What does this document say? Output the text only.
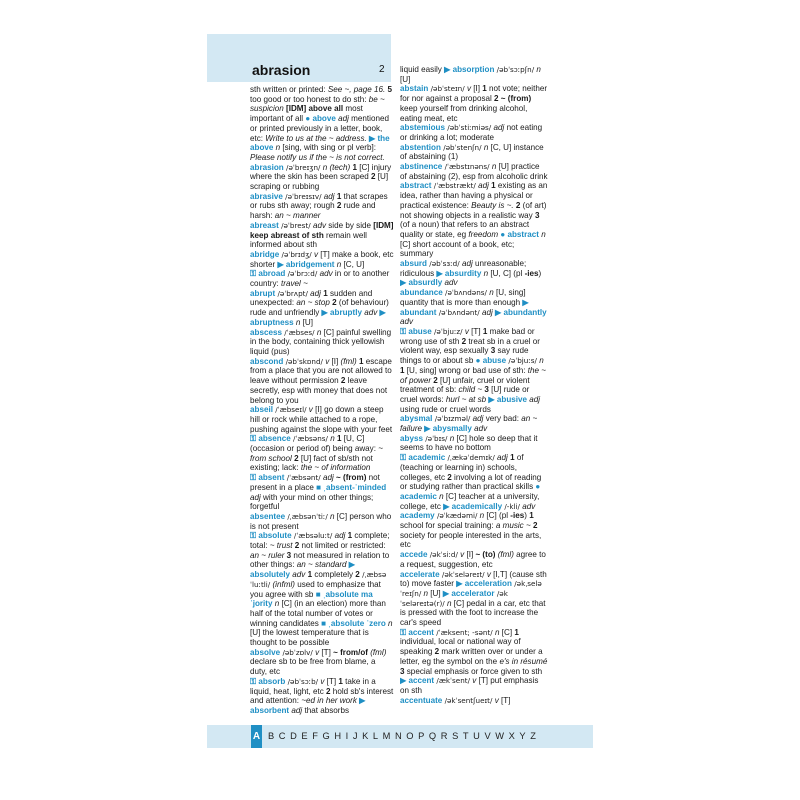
abrasion	2
sth written or printed: See ~, page 16. 5 too good or too honest to do sth: be ~ suspicion [IDM] above all most important of all ● above adj mentioned or printed previously in a letter, book, etc: Write to us at the ~ address. ▶ the above n [sing, with sing or pl verb]: Please notify us if the ~ is not correct.
abrasion /əˈbreɪʒn/ n (tech) 1 [C] injury where the skin has been scraped 2 [U] scraping or rubbing
abrasive /əˈbreɪsɪv/ adj 1 that scrapes or rubs sth away; rough 2 rude and harsh: an ~ manner
abreast /əˈbrest/ adv side by side [IDM] keep abreast of sth remain well informed about sth
abridge /əˈbrɪdʒ/ v [T] make a book, etc shorter ▶ abridgement n [C, U]
⚿ abroad /əˈbrɔːd/ adv in or to another country: travel ~
abrupt /əˈbrʌpt/ adj 1 sudden and unexpected: an ~ stop 2 (of behaviour) rude and unfriendly ▶ abruptly adv ▶ abruptness n [U]
abscess /ˈæbses/ n [C] painful swelling in the body, containing thick yellowish liquid (pus)
abscond /əbˈskɒnd/ v [I] (fml) 1 escape from a place that you are not allowed to leave without permission 2 leave secretly, esp with money that does not belong to you
abseil /ˈæbseɪl/ v [I] go down a steep hill or rock while attached to a rope, pushing against the slope with your feet
⚿ absence /ˈæbsəns/ n 1 [U, C] (occasion or period of) being away: ~ from school 2 [U] fact of sb/sth not existing; lack: the ~ of information
⚿ absent /ˈæbsənt/ adj ~ (from) not present in a place ■ ˌabsent-ˈminded adj with your mind on other things; forgetful
absentee /ˌæbsənˈtiː/ n [C] person who is not present
⚿ absolute /ˈæbsəluːt/ adj 1 complete; total: ~ trust 2 not limited or restricted: an ~ ruler 3 not measured in relation to other things: an ~ standard ▶ absolutely adv 1 completely 2 /ˌæbsəˈluːtli/ (infml) used to emphasize that you agree with sb ■ ˌabsolute maˈjority n [C] (in an election) more than half of the total number of votes or winning candidates ■ ˌabsolute ˈzero n [U] the lowest temperature that is thought to be possible
absolve /əbˈzɒlv/ v [T] ~ from/of (fml) declare sb to be free from blame, a duty, etc
⚿ absorb /əbˈsɔːb/ v [T] 1 take in a liquid, heat, light, etc 2 hold sb's interest and attention: ~ed in her work ▶ absorbent adj that absorbs
liquid easily ▶ absorption /əbˈsɔːpʃn/ n [U]
abstain /əbˈsteɪn/ v [I] 1 not vote; neither for nor against a proposal 2 ~ (from) keep yourself from drinking alcohol, eating meat, etc
abstemious /əbˈstiːmiəs/ adj not eating or drinking a lot; moderate
abstention /əbˈstenʃn/ n [C, U] instance of abstaining (1)
abstinence /ˈæbstɪnəns/ n [U] practice of abstaining (2), esp from alcoholic drink
abstract /ˈæbstrækt/ adj 1 existing as an idea, rather than having a physical or practical existence: Beauty is ~. 2 (of art) not showing objects in a realistic way 3 (of a noun) that refers to an abstract quality or state, eg freedom ● abstract n [C] short account of a book, etc; summary
absurd /əbˈsɜːd/ adj unreasonable; ridiculous ▶ absurdity n [U, C] (pl -ies) ▶ absurdly adv
abundance /əˈbʌndəns/ n [U, sing] quantity that is more than enough ▶ abundant /əˈbʌndənt/ adj ▶ abundantly adv
⚿ abuse /əˈbjuːz/ v [T] 1 make bad or wrong use of sth 2 treat sb in a cruel or violent way, esp sexually 3 say rude things to or about sb ● abuse /əˈbjuːs/ n 1 [U, sing] wrong or bad use of sth: the ~ of power 2 [U] unfair, cruel or violent treatment of sb: child ~ 3 [U] rude or cruel words: hurl ~ at sb ▶ abusive adj using rude or cruel words
abysmal /əˈbɪzməl/ adj very bad: an ~ failure ▶ abysmally adv
abyss /əˈbɪs/ n [C] hole so deep that it seems to have no bottom
⚿ academic /ˌækəˈdemɪk/ adj 1 of (teaching or learning in) schools, colleges, etc 2 involving a lot of reading or studying rather than practical skills ● academic n [C] teacher at a university, college, etc ▶ academically /-kli/ adv
academy /əˈkædəmi/ n [C] (pl -ies) 1 school for special training: a music ~ 2 society for people interested in the arts, etc
accede /əkˈsiːd/ v [I] ~ (to) (fml) agree to a request, suggestion, etc
accelerate /əkˈseləreɪt/ v [I,T] (cause sth to) move faster ▶ acceleration /əkˌseləˈreɪʃn/ n [U] ▶ accelerator /əkˈseləreɪtə(r)/ n [C] pedal in a car, etc that is pressed with the foot to increase the car's speed
⚿ accent /ˈæksent; -sənt/ n [C] 1 individual, local or national way of speaking 2 mark written over or under a letter, eg the symbol on the e's in résumé 3 special emphasis or force given to sth ▶ accent /ækˈsent/ v [T] put emphasis on sth
accentuate /əkˈsentʃueɪt/ v [T]
A B C D E F G H I J K L M N O P Q R S T U V W X Y Z
